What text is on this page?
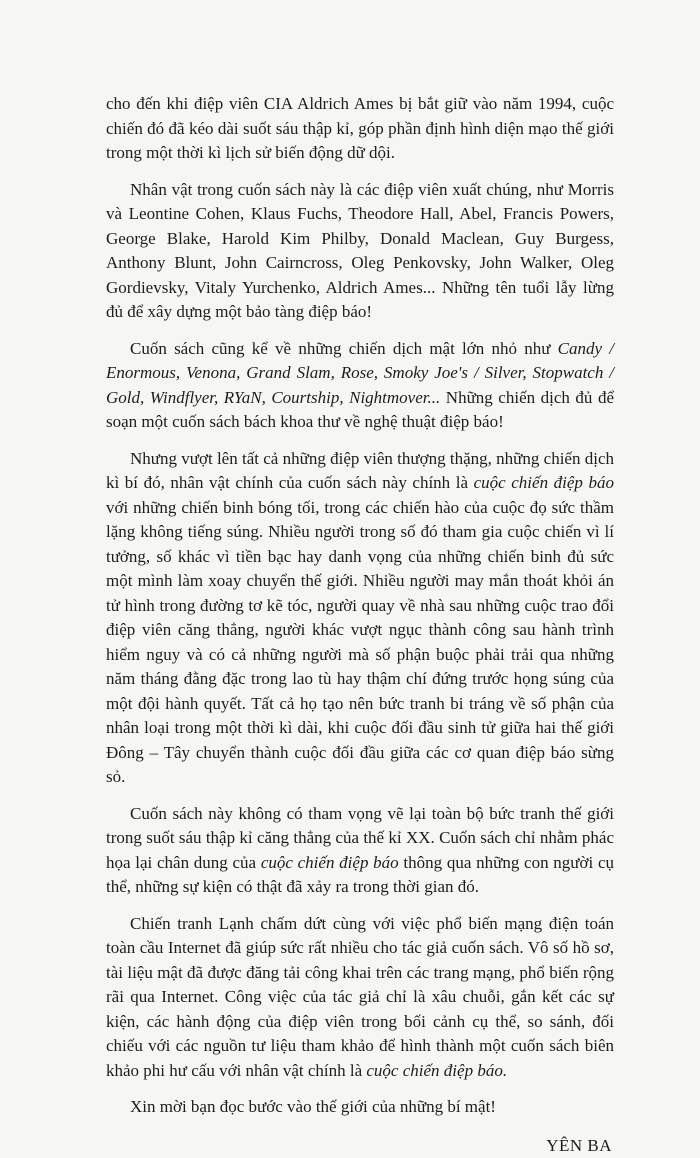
cho đến khi điệp viên CIA Aldrich Ames bị bắt giữ vào năm 1994, cuộc chiến đó đã kéo dài suốt sáu thập kỉ, góp phần định hình diện mạo thế giới trong một thời kì lịch sử biến động dữ dội.

Nhân vật trong cuốn sách này là các điệp viên xuất chúng, như Morris và Leontine Cohen, Klaus Fuchs, Theodore Hall, Abel, Francis Powers, George Blake, Harold Kim Philby, Donald Maclean, Guy Burgess, Anthony Blunt, John Cairncross, Oleg Penkovsky, John Walker, Oleg Gordievsky, Vitaly Yurchenko, Aldrich Ames... Những tên tuổi lẫy lừng đủ để xây dựng một bảo tàng điệp báo!

Cuốn sách cũng kể về những chiến dịch mật lớn nhỏ như Candy / Enormous, Venona, Grand Slam, Rose, Smoky Joe's / Silver, Stopwatch / Gold, Windflyer, RYaN, Courtship, Nightmover... Những chiến dịch đủ để soạn một cuốn sách bách khoa thư về nghệ thuật điệp báo!

Nhưng vượt lên tất cả những điệp viên thượng thặng, những chiến dịch kì bí đó, nhân vật chính của cuốn sách này chính là cuộc chiến điệp báo với những chiến binh bóng tối, trong các chiến hào của cuộc đọ sức thầm lặng không tiếng súng. Nhiều người trong số đó tham gia cuộc chiến vì lí tưởng, số khác vì tiền bạc hay danh vọng của những chiến binh đủ sức một mình làm xoay chuyển thế giới. Nhiều người may mắn thoát khỏi án tử hình trong đường tơ kẽ tóc, người quay về nhà sau những cuộc trao đổi điệp viên căng thẳng, người khác vượt ngục thành công sau hành trình hiểm nguy và có cả những người mà số phận buộc phải trải qua những năm tháng đằng đặc trong lao tù hay thậm chí đứng trước họng súng của một đội hành quyết. Tất cả họ tạo nên bức tranh bi tráng về số phận của nhân loại trong một thời kì dài, khi cuộc đối đầu sinh tử giữa hai thế giới Đông – Tây chuyển thành cuộc đối đầu giữa các cơ quan điệp báo sừng sỏ.

Cuốn sách này không có tham vọng vẽ lại toàn bộ bức tranh thế giới trong suốt sáu thập kỉ căng thẳng của thế kỉ XX. Cuốn sách chỉ nhằm phác họa lại chân dung của cuộc chiến điệp báo thông qua những con người cụ thể, những sự kiện có thật đã xảy ra trong thời gian đó.

Chiến tranh Lạnh chấm dứt cùng với việc phổ biến mạng điện toán toàn cầu Internet đã giúp sức rất nhiều cho tác giả cuốn sách. Vô số hồ sơ, tài liệu mật đã được đăng tải công khai trên các trang mạng, phổ biến rộng rãi qua Internet. Công việc của tác giả chỉ là xâu chuỗi, gắn kết các sự kiện, các hành động của điệp viên trong bối cảnh cụ thể, so sánh, đối chiếu với các nguồn tư liệu tham khảo để hình thành một cuốn sách biên khảo phi hư cấu với nhân vật chính là cuộc chiến điệp báo.

Xin mời bạn đọc bước vào thế giới của những bí mật!

YÊN BA
